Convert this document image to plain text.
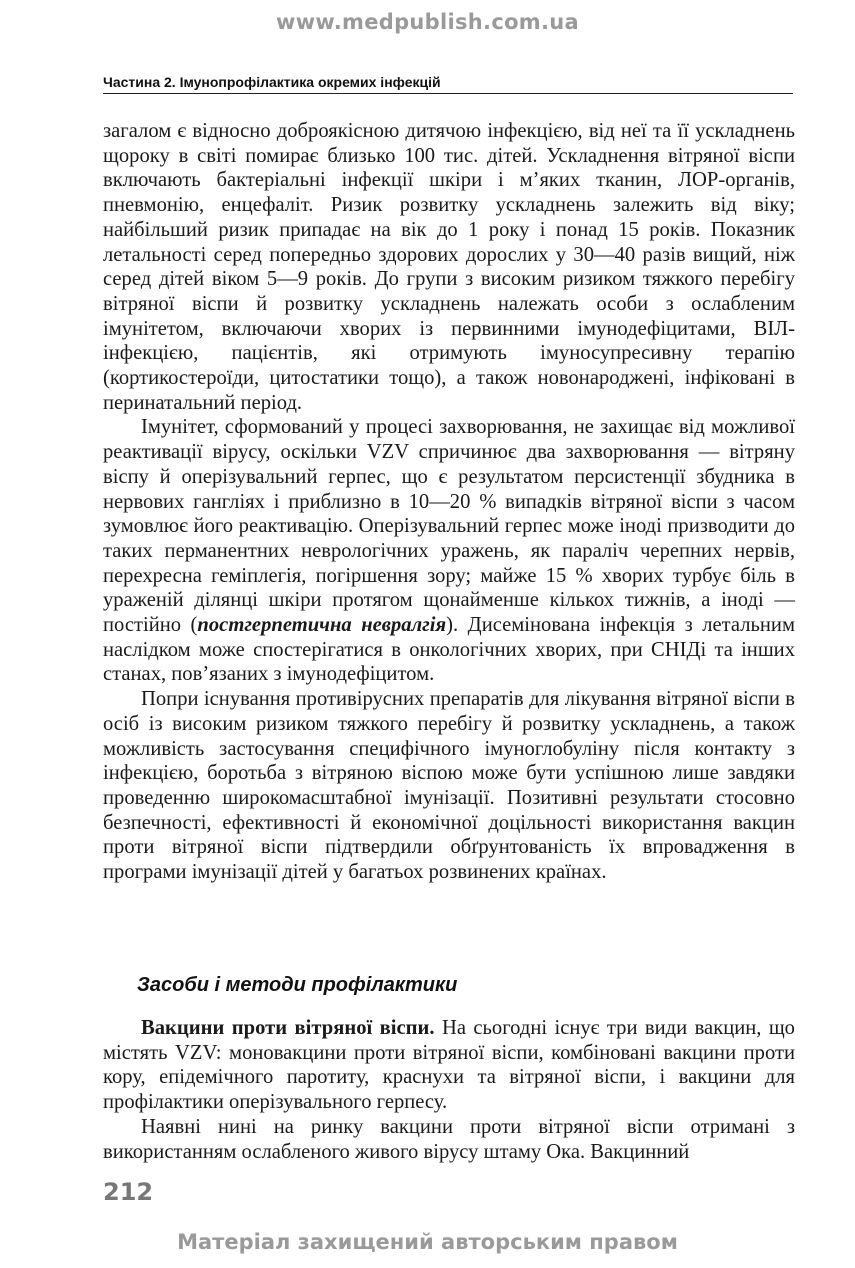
www.medpublish.com.ua
Частина 2. Імунопрофілактика окремих інфекцій

загалом є відносно доброякісною дитячою інфекцією, від неї та її ускладнень щороку в світі помирає близько 100 тис. дітей. Ускладнення вітряної віспи включають бактеріальні інфекції шкіри і м’яких тканин, ЛОР-органів, пневмонію, енцефаліт. Ризик розвитку ускладнень залежить від віку; найбільший ризик припадає на вік до 1 року і понад 15 років. Показник летальності серед попередньо здорових дорослих у 30—40 разів вищий, ніж серед дітей віком 5—9 років. До групи з високим ризиком тяжкого перебігу вітряної віспи й розвитку ускладнень належать особи з ослабленим імунітетом, включаючи хворих із первинними імунодефіцитами, ВІЛ-інфекцією, пацієнтів, які отримують імуносупресивну терапію (кортикостероїди, цитостатики тощо), а також новонароджені, інфіковані в перинатальний період.

Імунітет, сформований у процесі захворювання, не захищає від можливої реактивації вірусу, оскільки VZV спричинює два захворювання — вітряну віспу й оперізувальний герпес, що є результатом персистенції збудника в нервових гангліях і приблизно в 10—20 % випадків вітряної віспи з часом зумовлює його реактивацію. Оперізувальний герпес може іноді призводити до таких перманентних неврологічних уражень, як параліч черепних нервів, перехресна геміплегія, погіршення зору; майже 15 % хворих турбує біль в ураженій ділянці шкіри протягом щонайменше кількох тижнів, а іноді — постійно (постгерпетична невралгія). Дисемінована інфекція з летальним наслідком може спостерігатися в онкологічних хворих, при СНІДі та інших станах, пов’язаних з імунодефіцитом.

Попри існування противірусних препаратів для лікування вітряної віспи в осіб із високим ризиком тяжкого перебігу й розвитку ускладнень, а також можливість застосування специфічного імуноглобуліну після контакту з інфекцією, боротьба з вітряною віспою може бути успішною лише завдяки проведенню широкомасштабної імунізації. Позитивні результати стосовно безпечності, ефективності й економічної доцільності використання вакцин проти вітряної віспи підтвердили обґрунтованість їх впровадження в програми імунізації дітей у багатьох розвинених країнах.

Засоби і методи профілактики

Вакцини проти вітряної віспи. На сьогодні існує три види вакцин, що містять VZV: моновакцини проти вітряної віспи, комбіновані вакцини проти кору, епідемічного паротиту, краснухи та вітряної віспи, і вакцини для профілактики оперізувального герпесу.

Наявні нині на ринку вакцини проти вітряної віспи отримані з використанням ослабленого живого вірусу штаму Ока. Вакцинний

212
Матеріал захищений авторським правом
